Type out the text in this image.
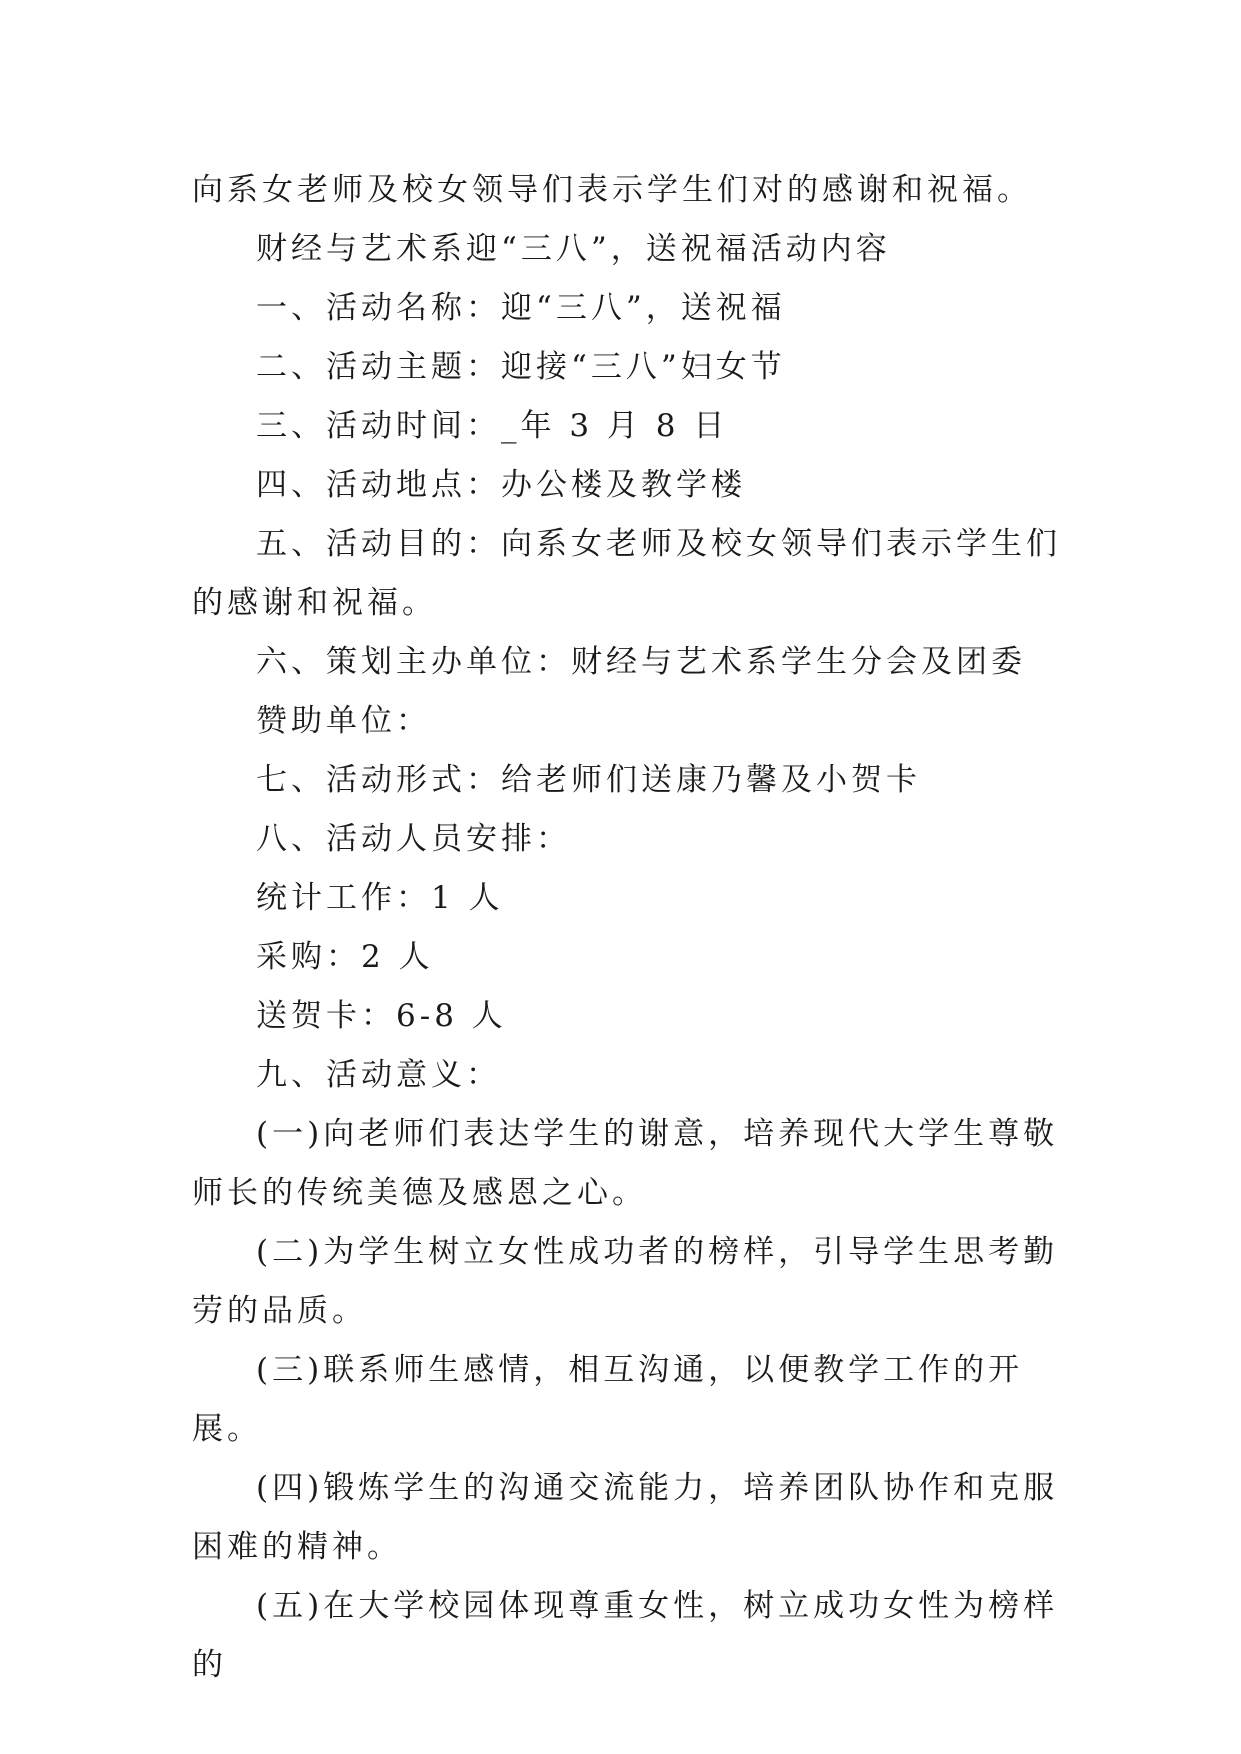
向系女老师及校女领导们表示学生们对的感谢和祝福。

财经与艺术系迎“三八”，送祝福活动内容

一、活动名称：迎“三八”，送祝福

二、活动主题：迎接“三八”妇女节

三、活动时间：_年 3 月 8 日

四、活动地点：办公楼及教学楼

五、活动目的：向系女老师及校女领导们表示学生们的感谢和祝福。

六、策划主办单位：财经与艺术系学生分会及团委

赞助单位：

七、活动形式：给老师们送康乃馨及小贺卡

八、活动人员安排：

统计工作：1 人

采购：2 人

送贺卡：6-8 人

九、活动意义：

(一)向老师们表达学生的谢意，培养现代大学生尊敬师长的传统美德及感恩之心。

(二)为学生树立女性成功者的榜样，引导学生思考勤劳的品质。

(三)联系师生感情，相互沟通，以便教学工作的开展。

(四)锻炼学生的沟通交流能力，培养团队协作和克服困难的精神。

(五)在大学校园体现尊重女性，树立成功女性为榜样的
